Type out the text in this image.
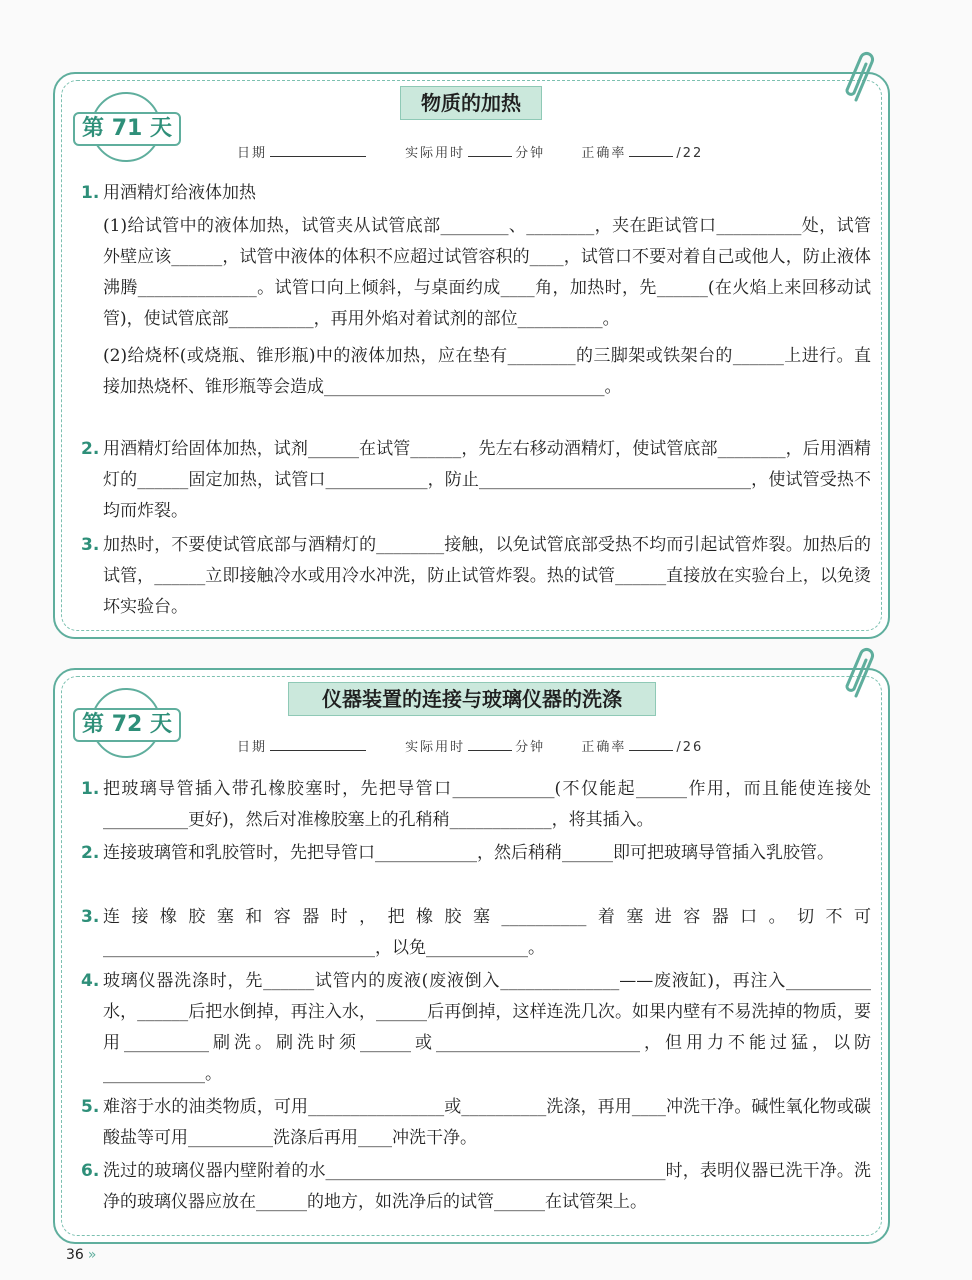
物质的加热
第 71 天
日期	实际用时	分钟	正确率	/22
1. 用酒精灯给液体加热
(1)给试管中的液体加热，试管夹从试管底部________、________，夹在距试管口__________处，试管外壁应该______，试管中液体的体积不应超过试管容积的____，试管口不要对着自己或他人，防止液体沸腾______________。试管口向上倾斜，与桌面约成____角，加热时，先______(在火焰上来回移动试管)，使试管底部__________，再用外焰对着试剂的部位__________。
(2)给烧杯(或烧瓶、锥形瓶)中的液体加热，应在垫有________的三脚架或铁架台的______上进行。直接加热烧杯、锥形瓶等会造成_________________________________。
2. 用酒精灯给固体加热，试剂______在试管______，先左右移动酒精灯，使试管底部________，后用酒精灯的______固定加热，试管口____________，防止________________________________，使试管受热不均而炸裂。
3. 加热时，不要使试管底部与酒精灯的________接触，以免试管底部受热不均而引起试管炸裂。加热后的试管，______立即接触冷水或用冷水冲洗，防止试管炸裂。热的试管______直接放在实验台上，以免烫坏实验台。
仪器装置的连接与玻璃仪器的洗涤
第 72 天
日期	实际用时	分钟	正确率	/26
1. 把玻璃导管插入带孔橡胶塞时，先把导管口____________(不仅能起______作用，而且能使连接处__________更好)，然后对准橡胶塞上的孔稍稍____________，将其插入。
2. 连接玻璃管和乳胶管时，先把导管口____________，然后稍稍______即可把玻璃导管插入乳胶管。
3. 连接橡胶塞和容器时，把橡胶塞__________着塞进容器口。切不可________________________________，以免____________。
4. 玻璃仪器洗涤时，先______试管内的废液(废液倒入______________——废液缸)，再注入__________水，______后把水倒掉，再注入水，______后再倒掉，这样连洗几次。如果内壁有不易洗掉的物质，要用__________刷洗。刷洗时须______或________________________，但用力不能过猛，以防____________。
5. 难溶于水的油类物质，可用________________或__________洗涤，再用____冲洗干净。碱性氧化物或碳酸盐等可用__________洗涤后再用____冲洗干净。
6. 洗过的玻璃仪器内壁附着的水________________________________________时，表明仪器已洗干净。洗净的玻璃仪器应放在______的地方，如洗净后的试管______在试管架上。
36 »
